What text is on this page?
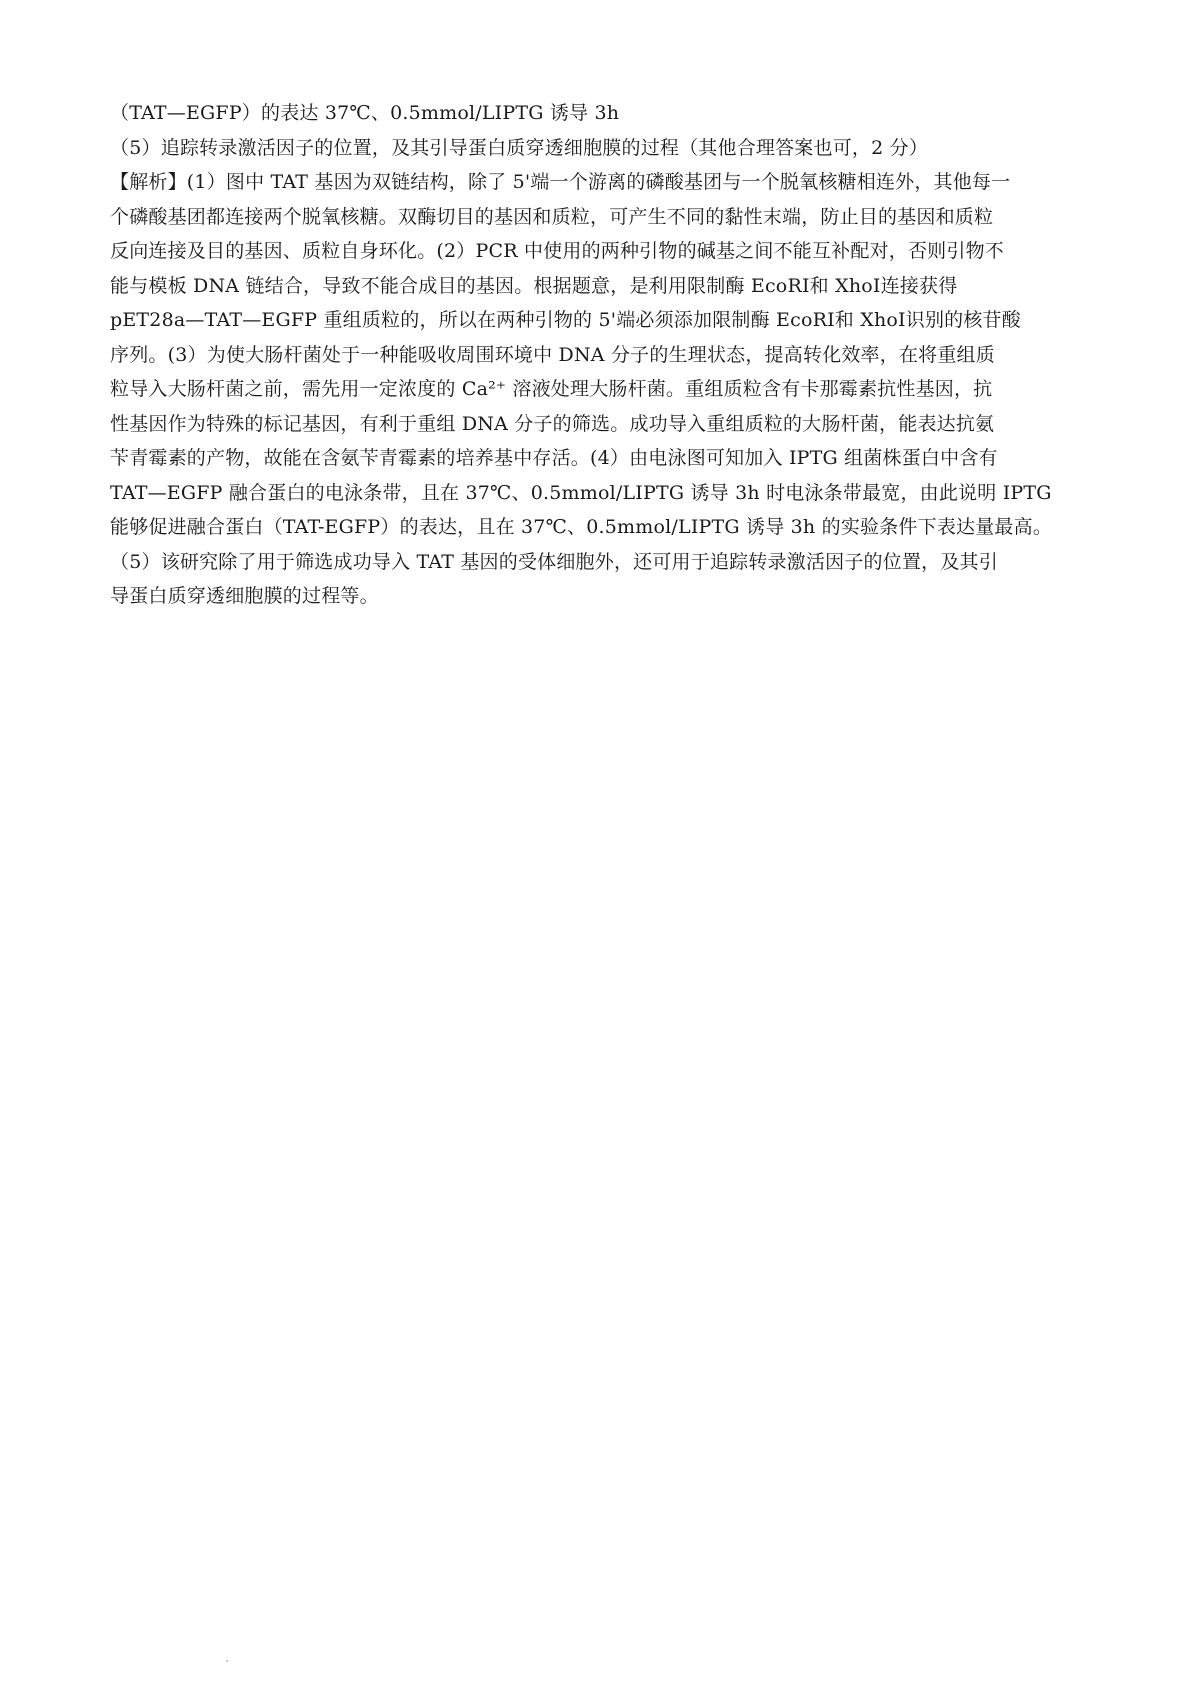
（TAT—EGFP）的表达 37℃、0.5mmol/LIPTG 诱导 3h
（5）追踪转录激活因子的位置，及其引导蛋白质穿透细胞膜的过程（其他合理答案也可，2 分）
【解析】(1）图中 TAT 基因为双链结构，除了 5'端一个游离的磷酸基团与一个脱氧核糖相连外，其他每一
个磷酸基团都连接两个脱氧核糖。双酶切目的基因和质粒，可产生不同的黏性末端，防止目的基因和质粒
反向连接及目的基因、质粒自身环化。(2）PCR 中使用的两种引物的碱基之间不能互补配对，否则引物不
能与模板 DNA 链结合，导致不能合成目的基因。根据题意，是利用限制酶 EcoRⅠ和 XhoⅠ连接获得
pET28a—TAT—EGFP 重组质粒的，所以在两种引物的 5'端必须添加限制酶 EcoRⅠ和 XhoⅠ识别的核苷酸
序列。(3）为使大肠杆菌处于一种能吸收周围环境中 DNA 分子的生理状态，提高转化效率，在将重组质
粒导入大肠杆菌之前，需先用一定浓度的 Ca²⁺ 溶液处理大肠杆菌。重组质粒含有卡那霉素抗性基因，抗
性基因作为特殊的标记基因，有利于重组 DNA 分子的筛选。成功导入重组质粒的大肠杆菌，能表达抗氨
苄青霉素的产物，故能在含氨苄青霉素的培养基中存活。(4）由电泳图可知加入 IPTG 组菌株蛋白中含有
TAT—EGFP 融合蛋白的电泳条带，且在 37℃、0.5mmol/LIPTG 诱导 3h 时电泳条带最宽，由此说明 IPTG
能够促进融合蛋白（TAT-EGFP）的表达，且在 37℃、0.5mmol/LIPTG 诱导 3h 的实验条件下表达量最高。
（5）该研究除了用于筛选成功导入 TAT 基因的受体细胞外，还可用于追踪转录激活因子的位置，及其引
导蛋白质穿透细胞膜的过程等。
